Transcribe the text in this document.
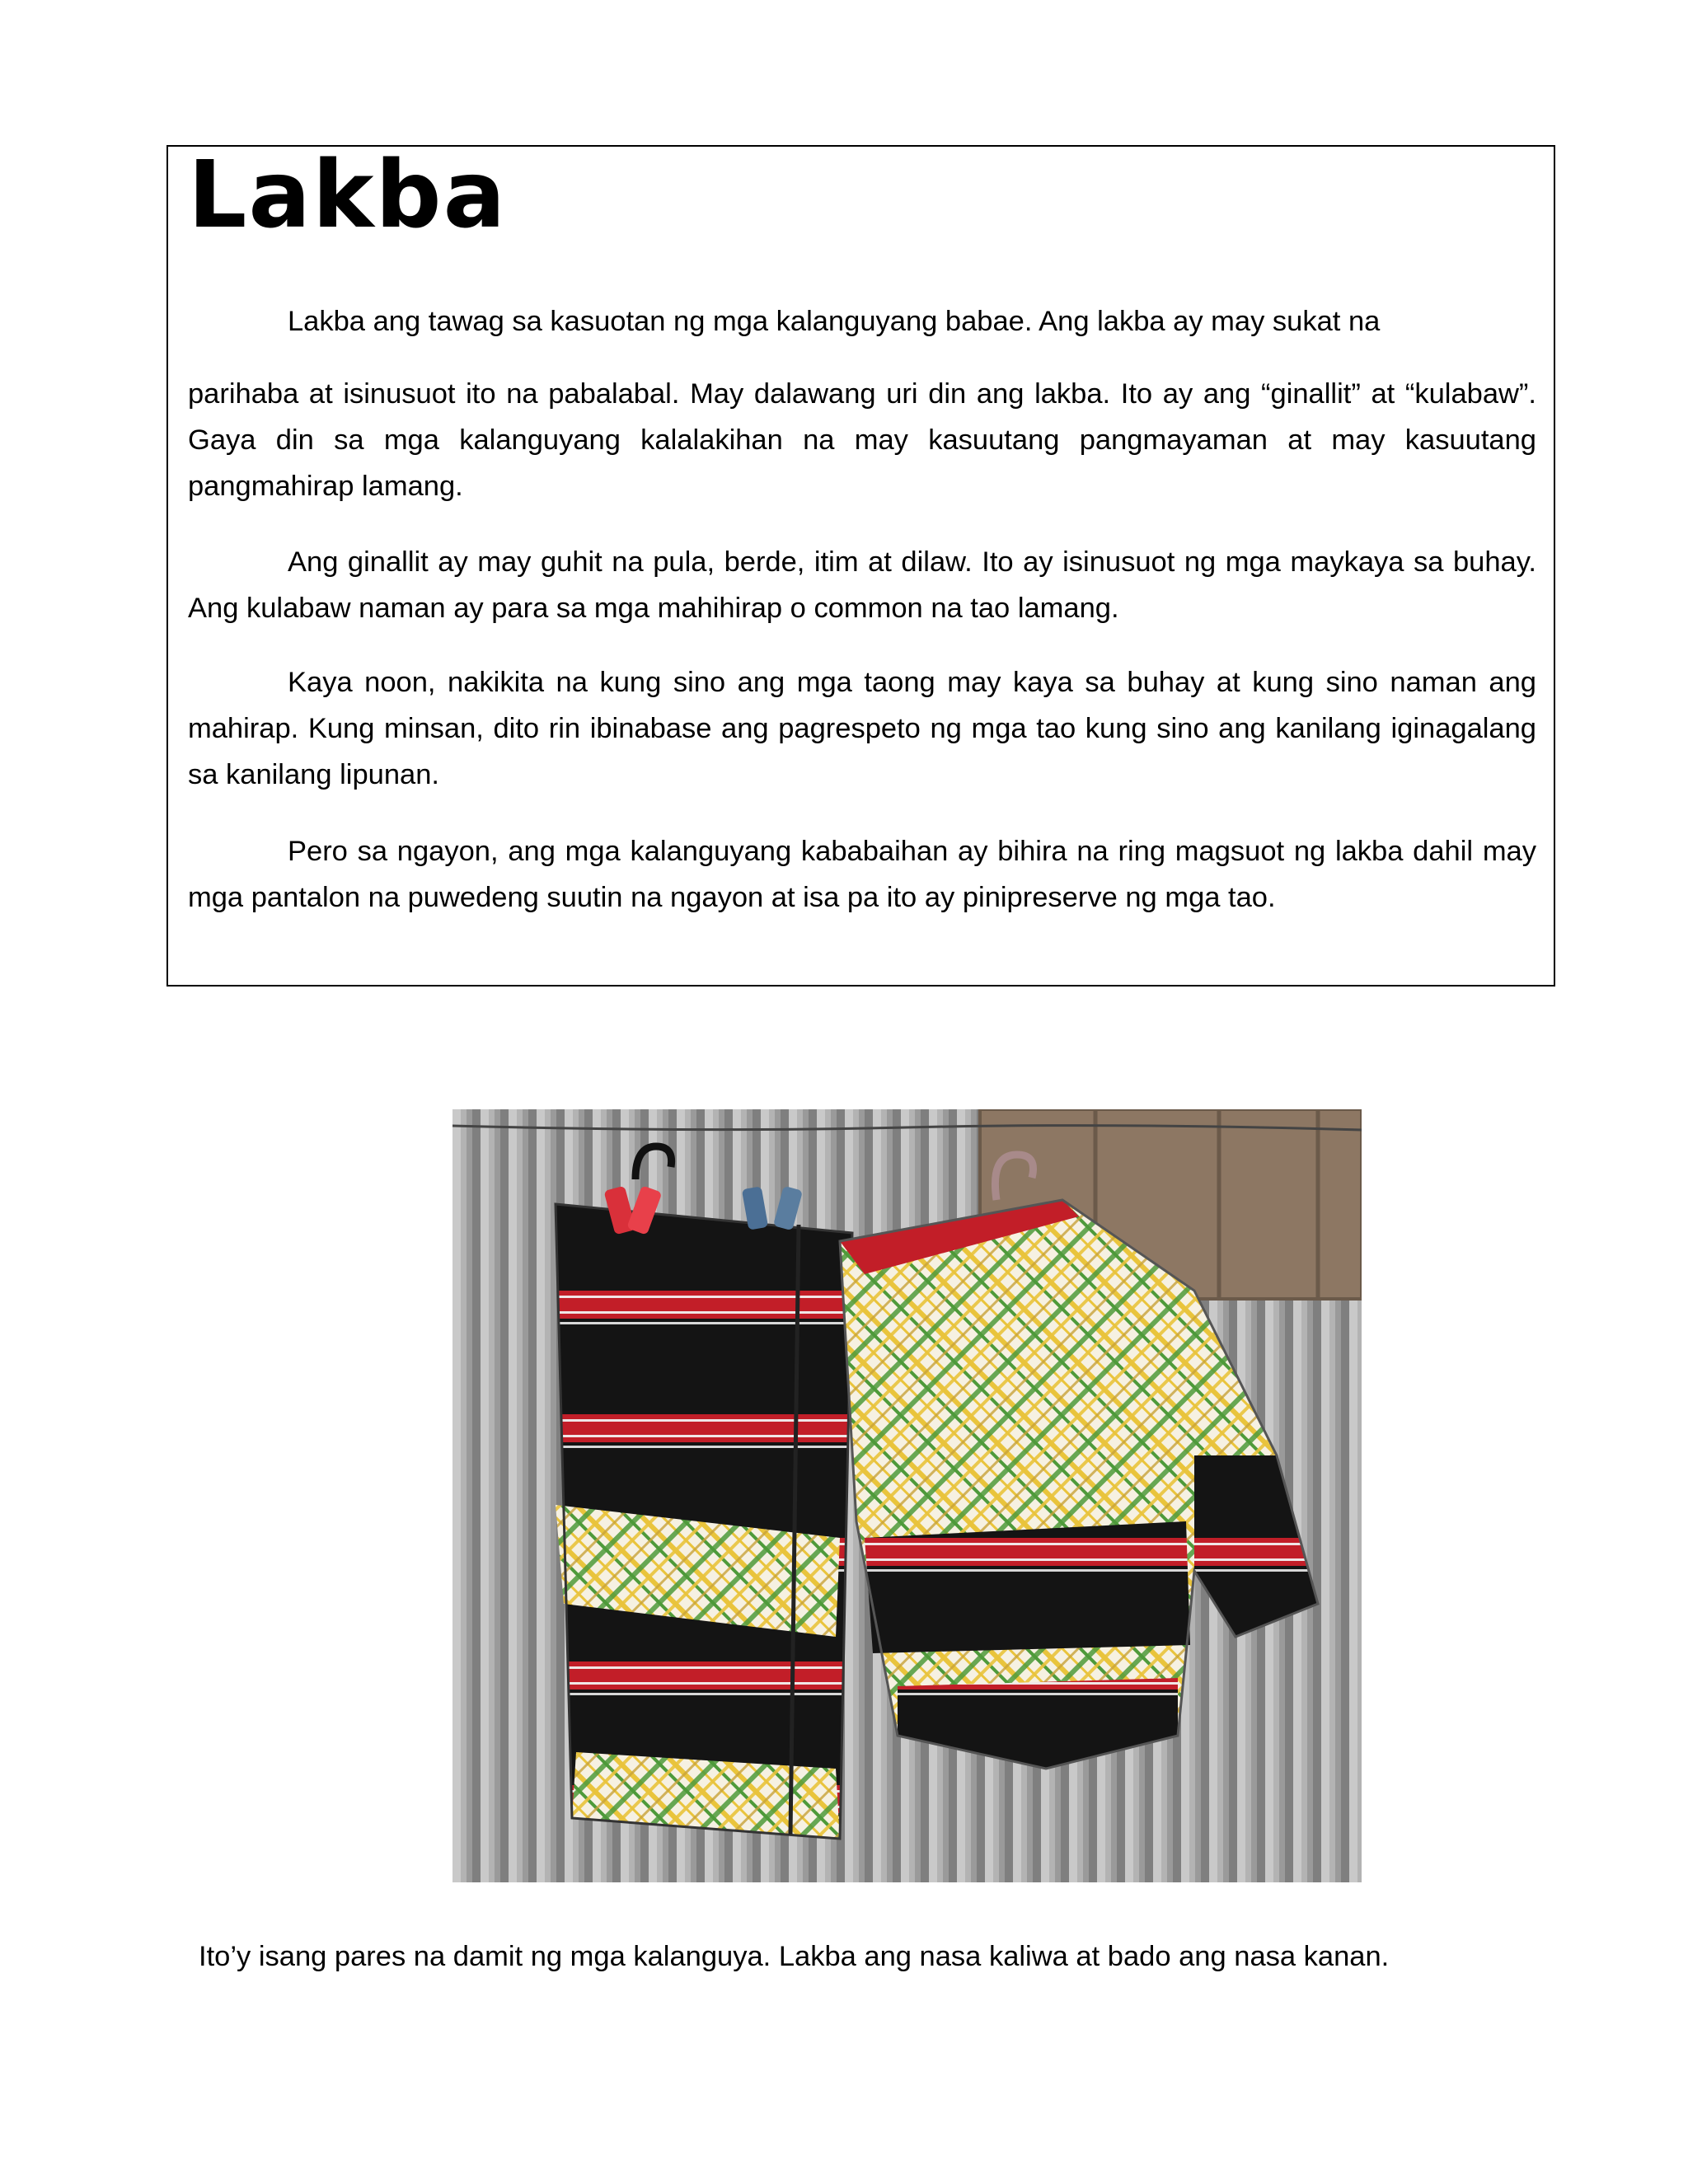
Lakba

Lakba ang tawag sa kasuotan ng mga kalanguyang babae. Ang lakba ay may sukat na

parihaba at isinusuot ito na pabalabal. May dalawang uri din ang lakba. Ito ay ang “ginallit” at “kulabaw”. Gaya din sa mga kalanguyang kalalakihan na may kasuutang pangmayaman at may kasuutang pangmahirap lamang.

Ang ginallit ay may guhit na pula, berde, itim at dilaw. Ito ay isinusuot ng mga maykaya sa buhay. Ang kulabaw naman ay para sa mga mahihirap o common na tao lamang.

Kaya noon, nakikita na kung sino ang mga taong may kaya sa buhay at kung sino naman ang mahirap. Kung minsan, dito rin ibinabase ang pagrespeto ng mga tao kung sino ang kanilang iginagalang sa kanilang lipunan.

Pero sa ngayon, ang mga kalanguyang kababaihan ay bihira na ring magsuot ng lakba dahil may mga pantalon na puwedeng suutin na ngayon at isa pa ito ay pinipreserve ng mga tao.

Ito’y isang pares na damit ng mga kalanguya. Lakba ang nasa kaliwa at bado ang nasa kanan.
